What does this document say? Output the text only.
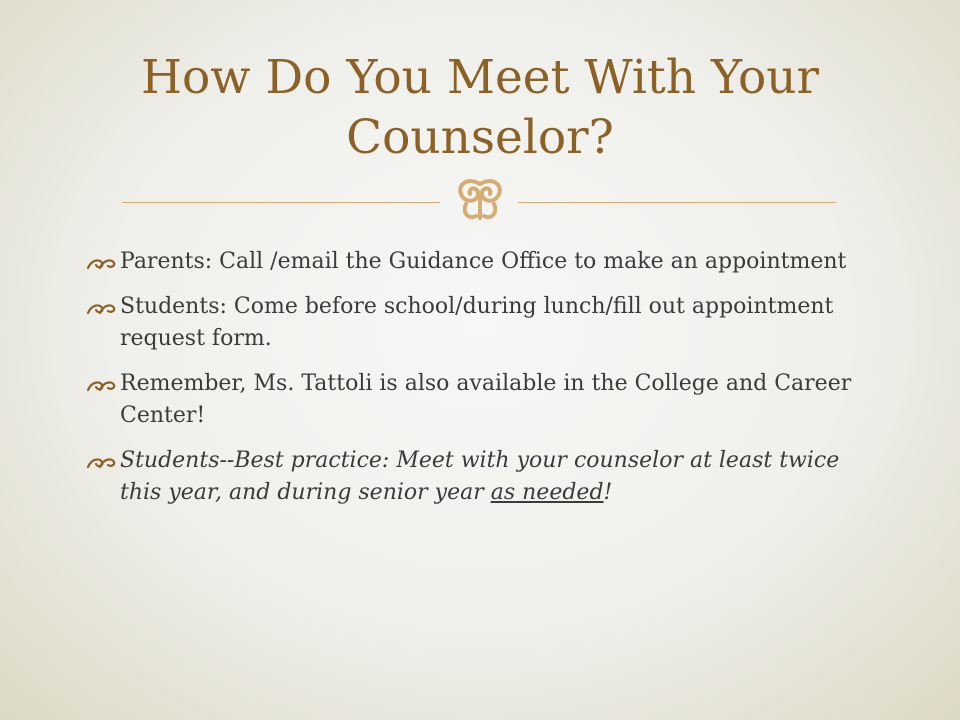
How Do You Meet With Your Counselor?
Parents: Call /email the Guidance Office to make an appointment
Students: Come before school/during lunch/fill out appointment request form.
Remember, Ms. Tattoli is also available in the College and Career Center!
Students--Best practice: Meet with your counselor at least twice this year, and during senior year as needed!
